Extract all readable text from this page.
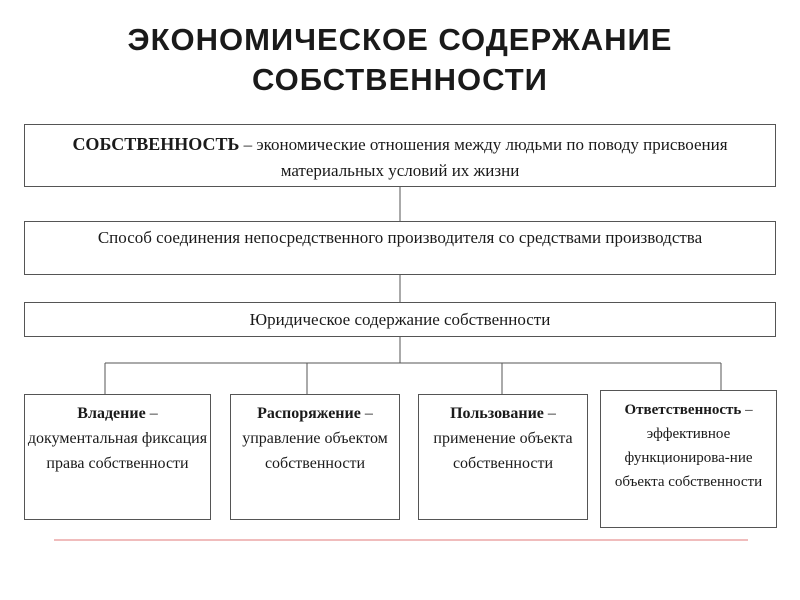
ЭКОНОМИЧЕСКОЕ СОДЕРЖАНИЕ
СОБСТВЕННОСТИ
СОБСТВЕННОСТЬ – экономические отношения между людьми по поводу присвоения материальных условий их жизни
Способ соединения непосредственного производителя со средствами производства
Юридическое содержание собственности
Владение – документальная фиксация права собственности
Распоряжение – управление объектом собственности
Пользование – применение объекта собственности
Ответственность – эффективное функционирова-ние объекта собственности
